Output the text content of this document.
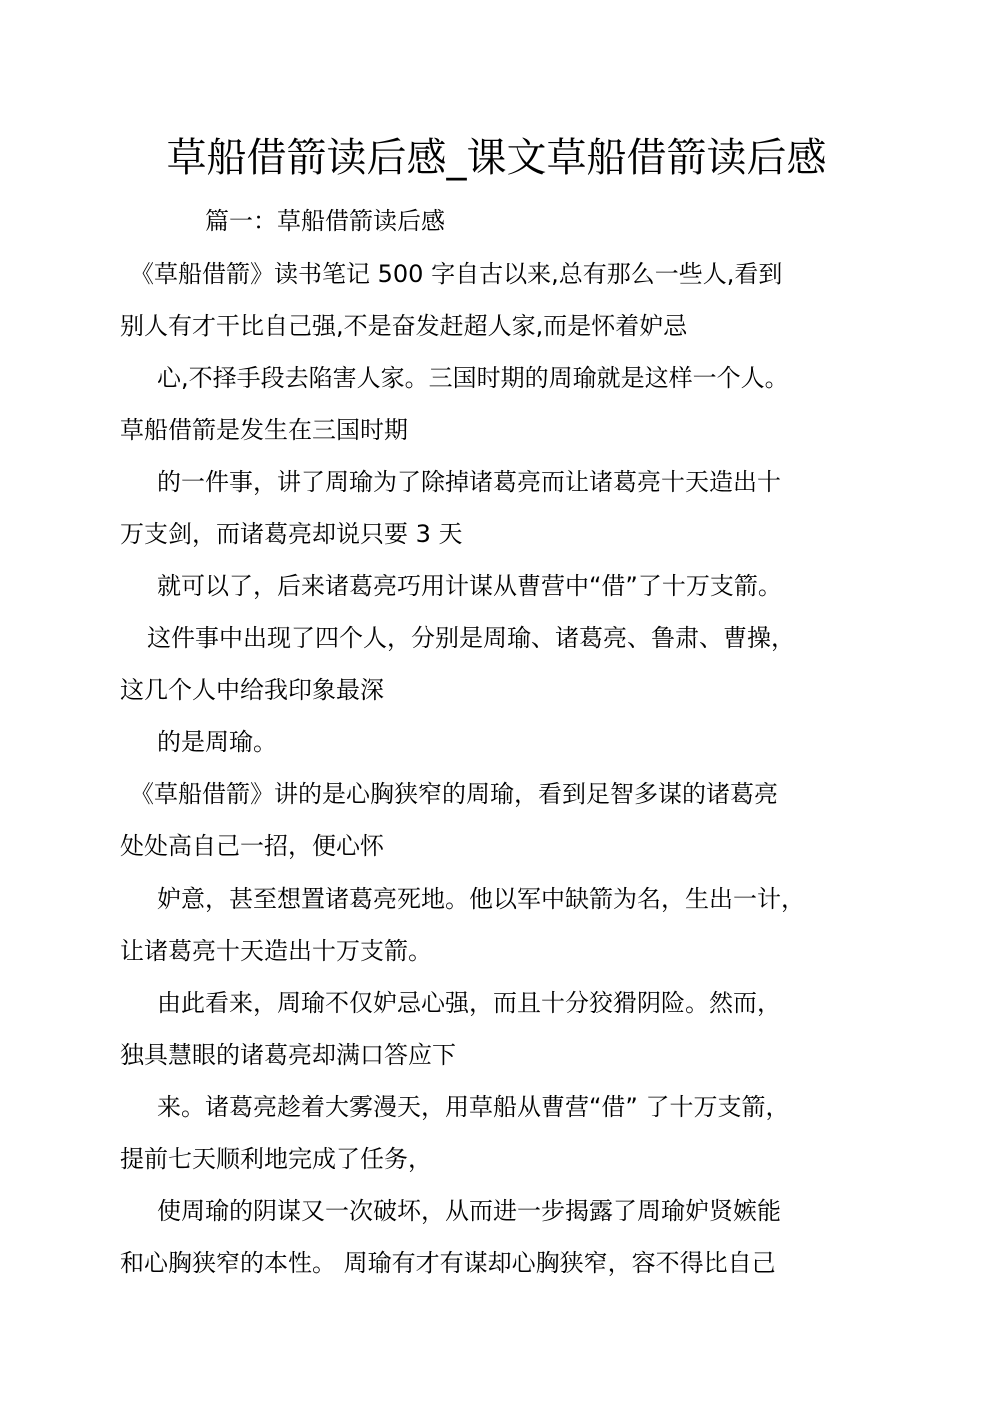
草船借箭读后感_课文草船借箭读后感

篇一：草船借箭读后感

《草船借箭》读书笔记 500 字自古以来,总有那么一些人,看到

别人有才干比自己强,不是奋发赶超人家,而是怀着妒忌

心,不择手段去陷害人家。三国时期的周瑜就是这样一个人。

草船借箭是发生在三国时期

的一件事，讲了周瑜为了除掉诸葛亮而让诸葛亮十天造出十

万支剑，而诸葛亮却说只要 3 天

就可以了，后来诸葛亮巧用计谋从曹营中“借”了十万支箭。

这件事中出现了四个人，分别是周瑜、诸葛亮、鲁肃、曹操，

这几个人中给我印象最深

的是周瑜。

《草船借箭》讲的是心胸狭窄的周瑜，看到足智多谋的诸葛亮

处处高自己一招，便心怀

妒意，甚至想置诸葛亮死地。他以军中缺箭为名，生出一计，

让诸葛亮十天造出十万支箭。

由此看来，周瑜不仅妒忌心强，而且十分狡猾阴险。然而，

独具慧眼的诸葛亮却满口答应下

来。诸葛亮趁着大雾漫天，用草船从曹营“借” 了十万支箭，

提前七天顺利地完成了任务，

使周瑜的阴谋又一次破坏，从而进一步揭露了周瑜妒贤嫉能

和心胸狭窄的本性。 周瑜有才有谋却心胸狭窄，容不得比自己
